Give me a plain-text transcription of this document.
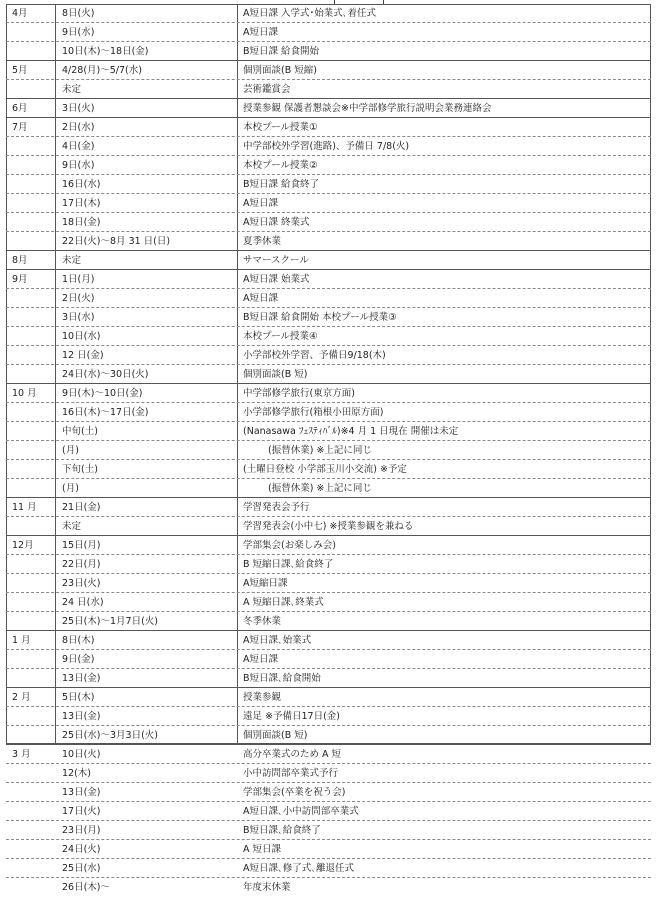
4月	8日(火)	A短日課 入学式･始業式､着任式
9日(水)	A短日課
10日(木)～18日(金)	B短日課 給食開始
5月	4/28(月)～5/7(水)	個別面談(B 短縮)
未定	芸術鑑賞会
6月	3日(火)	授業参観 保護者懇談会※中学部修学旅行説明会業務連絡会
7月	2日(水)	本校プール授業①
4日(金)	中学部校外学習(進路)、予備日 7/8(火)
9日(水)	本校プール授業②
16日(水)	B短日課 給食終了
17日(木)	A短日課
18日(金)	A短日課 終業式
22日(火)～8月 31 日(日)	夏季休業
8月	未定	サマースクール
9月	1日(月)	A短日課 始業式
2日(火)	A短日課
3日(水)	B短日課 給食開始 本校プール授業③
10日(水)	本校プール授業④
12 日(金)	小学部校外学習、予備日9/18(木)
24日(水)～30日(火)	個別面談(B 短)
10 月	9日(木)～10日(金)	中学部修学旅行(東京方面)
16日(木)～17日(金)	小学部修学旅行(箱根小田原方面)
中旬(土)	(Nanasawa ﾌｪｽﾃｨﾊﾞﾙ)※4 月 1 日現在 開催は未定
(月)	(振替休業) ※上記に同じ
下旬(土)	(土曜日登校 小学部玉川小交流) ※予定
(月)	(振替休業) ※上記に同じ
11 月	21日(金)	学習発表会予行
未定	学習発表会(小中七) ※授業参観を兼ねる
12月	15日(月)	学部集会(お楽しみ会)
22日(月)	B 短縮日課､給食終了
23日(火)	A短縮日課
24 日(水)	A 短縮日課､終業式
25日(木)～1月7日(火)	冬季休業
1 月	8日(木)	A短日課､始業式
9日(金)	A短日課
13日(金)	B短日課､給食開始
2 月	5日(木)	授業参観
13日(金)	遠足 ※予備日17日(金)
25日(水)～3月3日(火)	個別面談(B 短)
3 月	10日(火)	高分卒業式のため A 短
12(木)	小中訪問部卒業式予行
13日(金)	学部集会(卒業を祝う会)
17日(火)	A短日課､小中訪問部卒業式
23日(月)	B短日課､給食終了
24日(火)	A 短日課
25日(水)	A短日課､修了式､離退任式
26日(木)～	年度末休業
